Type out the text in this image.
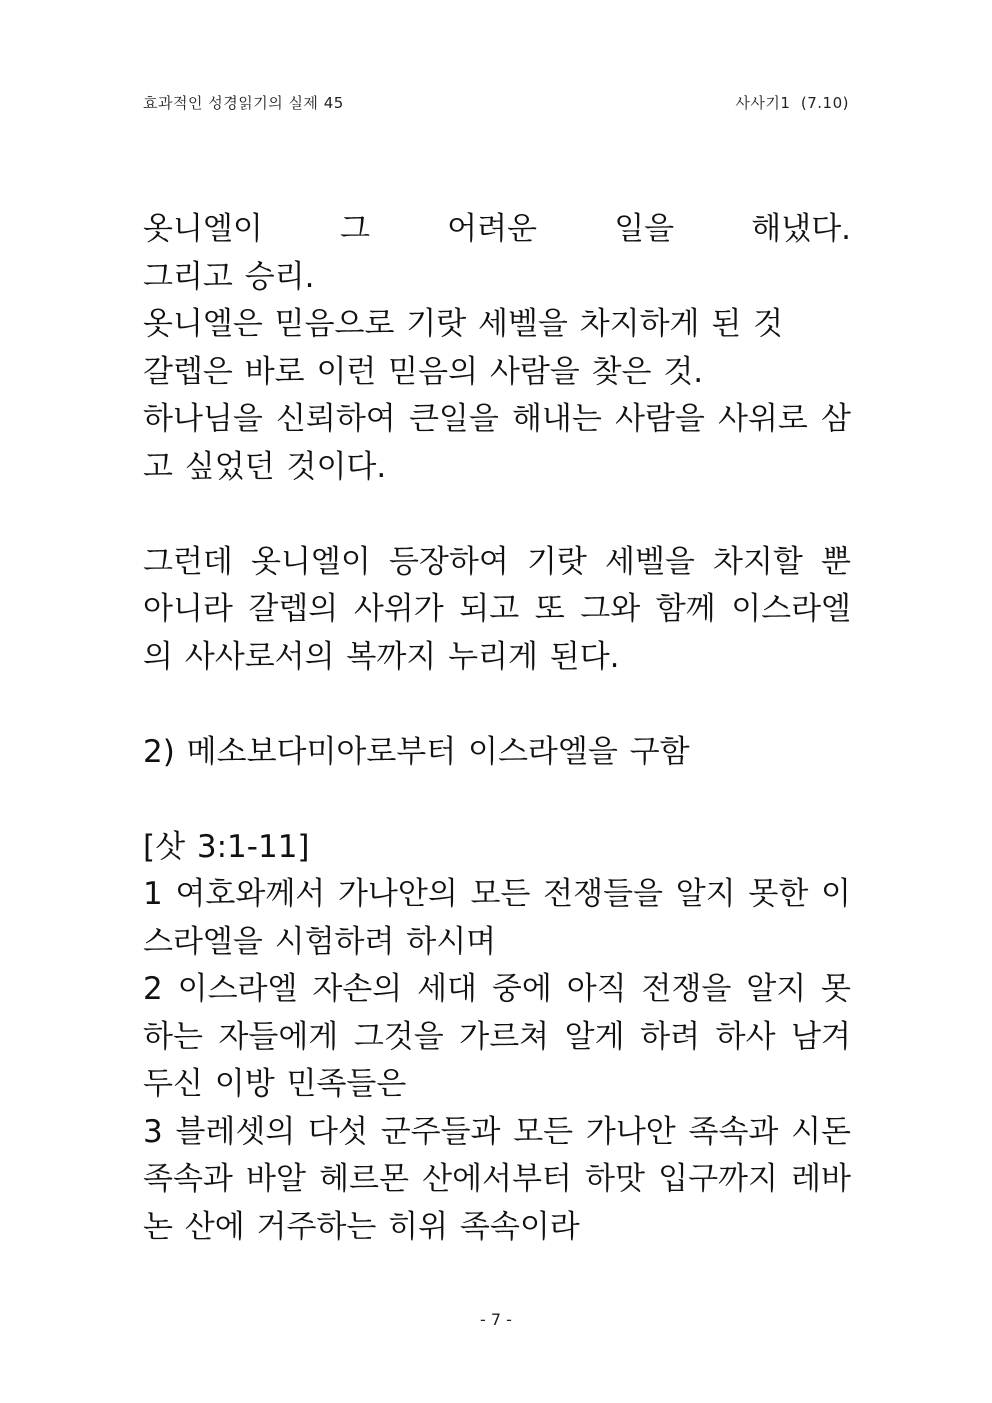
효과적인 성경읽기의 실제 45	사사기1  (7.10)
옷니엘이 그 어려운 일을 해냈다.
그리고 승리.
옷니엘은 믿음으로 기랏 세벨을 차지하게 된 것
갈렙은 바로 이런 믿음의 사람을 찾은 것.
하나님을 신뢰하여 큰일을 해내는 사람을 사위로 삼
고 싶었던 것이다.
그런데 옷니엘이 등장하여 기랏 세벨을 차지할 뿐
아니라 갈렙의 사위가 되고 또 그와 함께 이스라엘
의 사사로서의 복까지 누리게 된다.
2) 메소보다미아로부터 이스라엘을 구함
[삿 3:1-11]
1 여호와께서 가나안의 모든 전쟁들을 알지 못한 이
스라엘을 시험하려 하시며
2 이스라엘 자손의 세대 중에 아직 전쟁을 알지 못
하는 자들에게 그것을 가르쳐 알게 하려 하사 남겨
두신 이방 민족들은
3 블레셋의 다섯 군주들과 모든 가나안 족속과 시돈
족속과 바알 헤르몬 산에서부터 하맛 입구까지 레바
논 산에 거주하는 히위 족속이라
- 7 -
